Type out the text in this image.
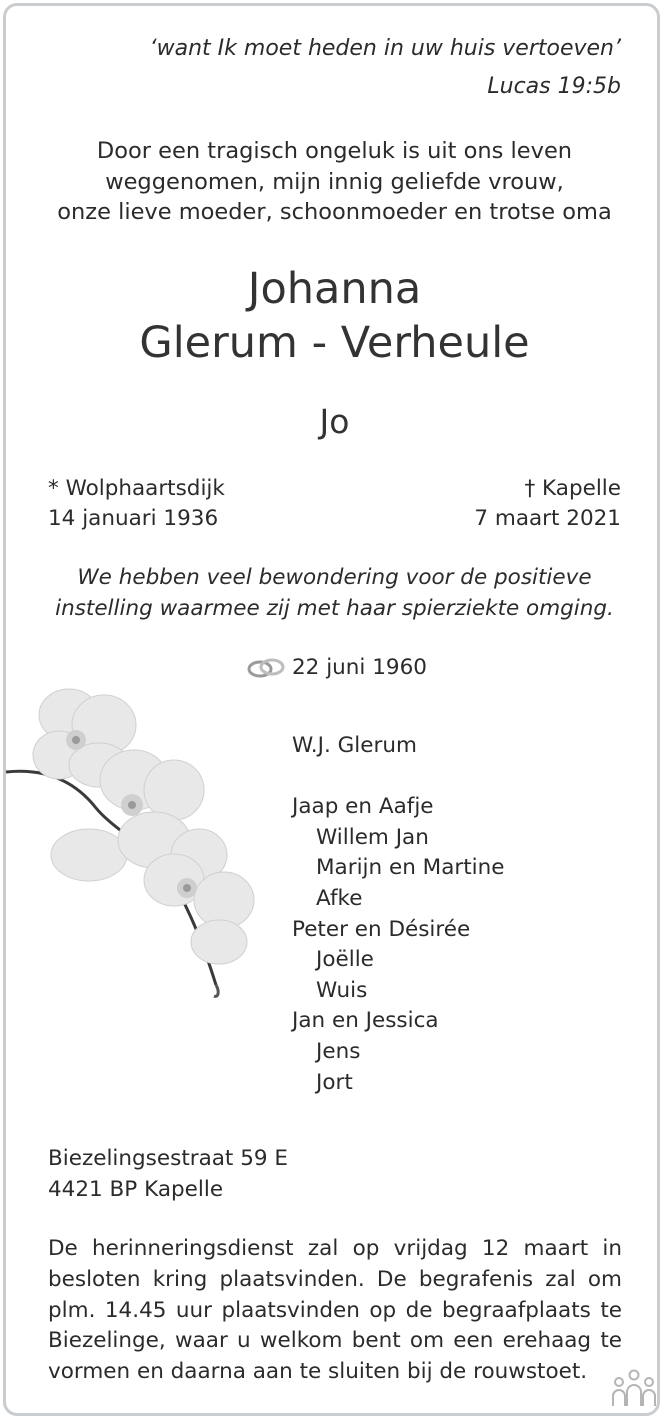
‘want Ik moet heden in uw huis vertoeven’

Lucas 19:5b

Door een tragisch ongeluk is uit ons leven
weggenomen, mijn innig geliefde vrouw,
onze lieve moeder, schoonmoeder en trotse oma
Johanna
Glerum - Verheule
Jo
* Wolphaartsdijk
14 januari 1936
† Kapelle
7 maart 2021
We hebben veel bewondering voor de positieve
instelling waarmee zij met haar spierziekte omging.
22 juni 1960
W.J. Glerum
Jaap en Aafje
Willem Jan
Marijn en Martine
Afke
Peter en Désirée
Joëlle
Wuis
Jan en Jessica
Jens
Jort
Biezelingsestraat 59 E
4421 BP Kapelle
De herinneringsdienst zal op vrijdag 12 maart in besloten kring plaatsvinden. De begrafenis zal om plm. 14.45 uur plaatsvinden op de begraafplaats te Biezelinge, waar u welkom bent om een erehaag te vormen en daarna aan te sluiten bij de rouwstoet.
